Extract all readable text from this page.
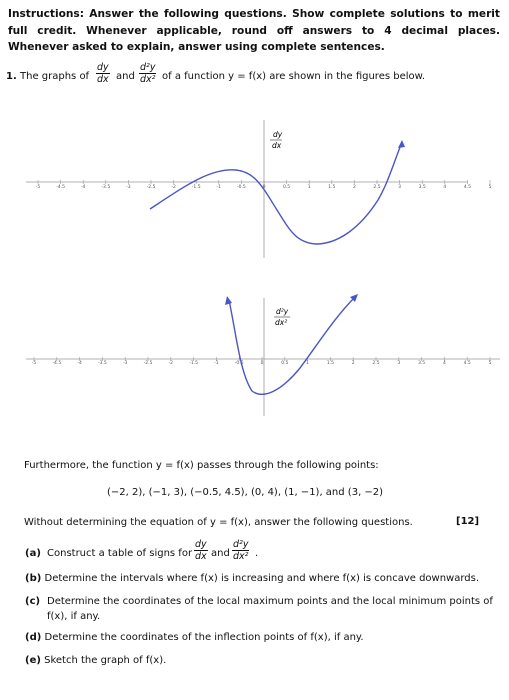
Instructions: Answer the following questions. Show complete solutions to merit full credit. Whenever applicable, round off answers to 4 decimal places. Whenever asked to explain, answer using complete sentences.
1. The graphs of $\frac{dy}{dx}$ and $\frac{\text{d²y}}{\text{dx²}}$ of a function y = f(x) are shown in the figures below.
-5	-4.5	-4	-3.5	-3	-2.5	-2	-1.5	-1	-0.5	0	0.5	1	1.5	2	2.5	3	3.5	4	4.5	5
dy
dx
-5	-4.5	-4	-3.5	-3	-2.5	-2	-1.5	-1	-0.5	0	0.5	1	1.5	2	2.5	3	3.5	4	4.5	5
d²y
dx²
Furthermore, the function y = f(x) passes through the following points:
(−2, 2), (−1, 3), (−0.5, 4.5), (0, 4), (1, −1), and (3, −2)
Without determining the equation of y = f(x), answer the following questions.	[12]
(a) Construct a table of signs for $\frac{dy}{dx}$ and $\frac{\text{d²y}}{\text{dx²}}$ .
(b) Determine the intervals where f(x) is increasing and where f(x) is concave downwards.
(c) Determine the coordinates of the local maximum points and the local minimum points of f(x), if any.
(d) Determine the coordinates of the inflection points of f(x), if any.
(e) Sketch the graph of f(x).
